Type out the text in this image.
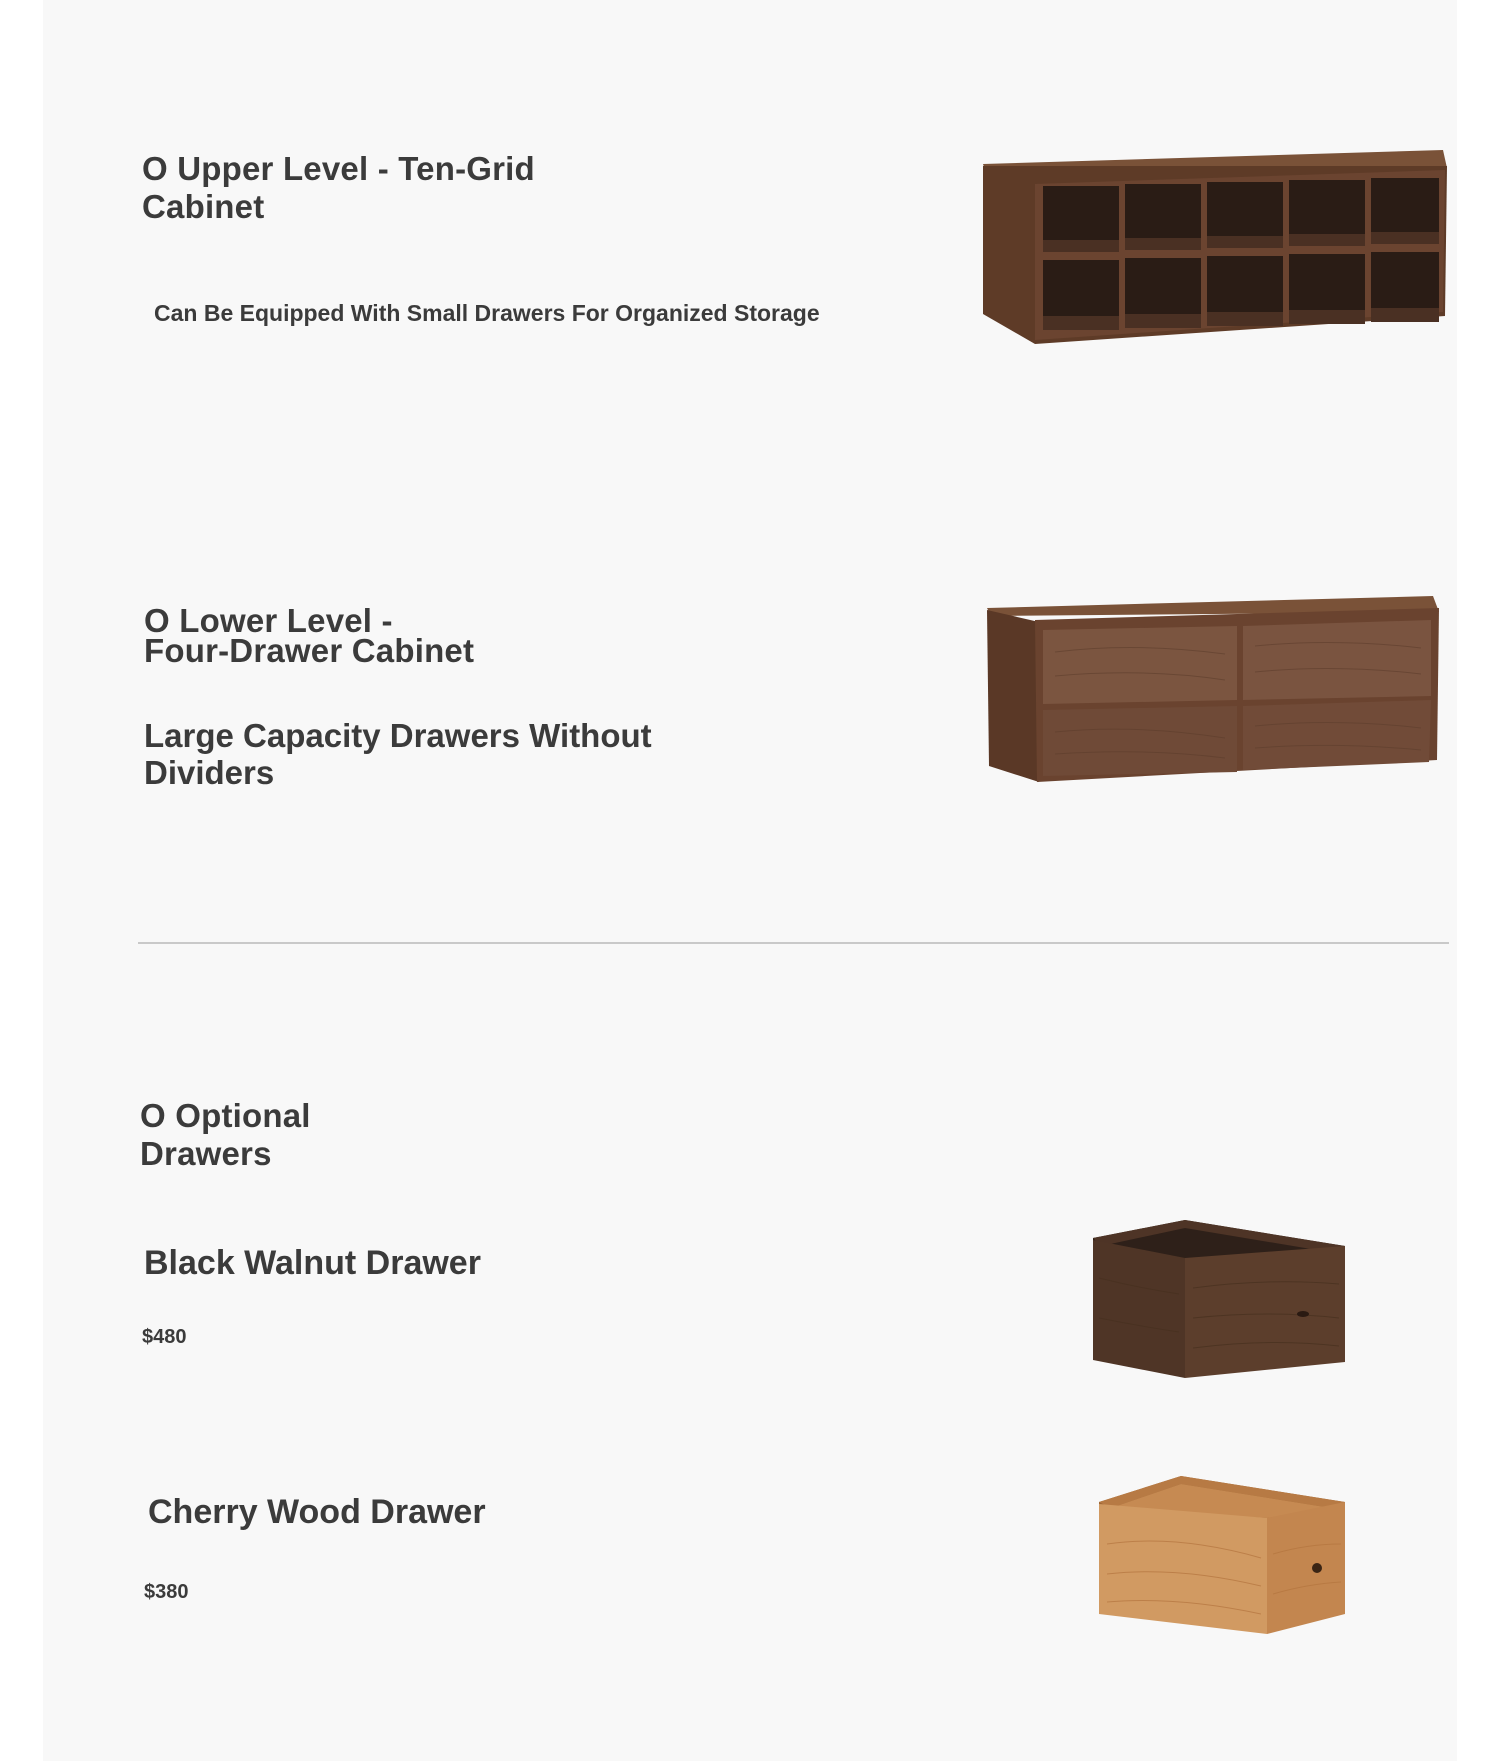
O Upper Level - Ten-Grid Cabinet
Can Be Equipped With Small Drawers For Organized Storage
O Lower Level -
Four-Drawer Cabinet
Large Capacity Drawers Without Dividers
O Optional
Drawers
Black Walnut Drawer
$480
Cherry Wood Drawer
$380
